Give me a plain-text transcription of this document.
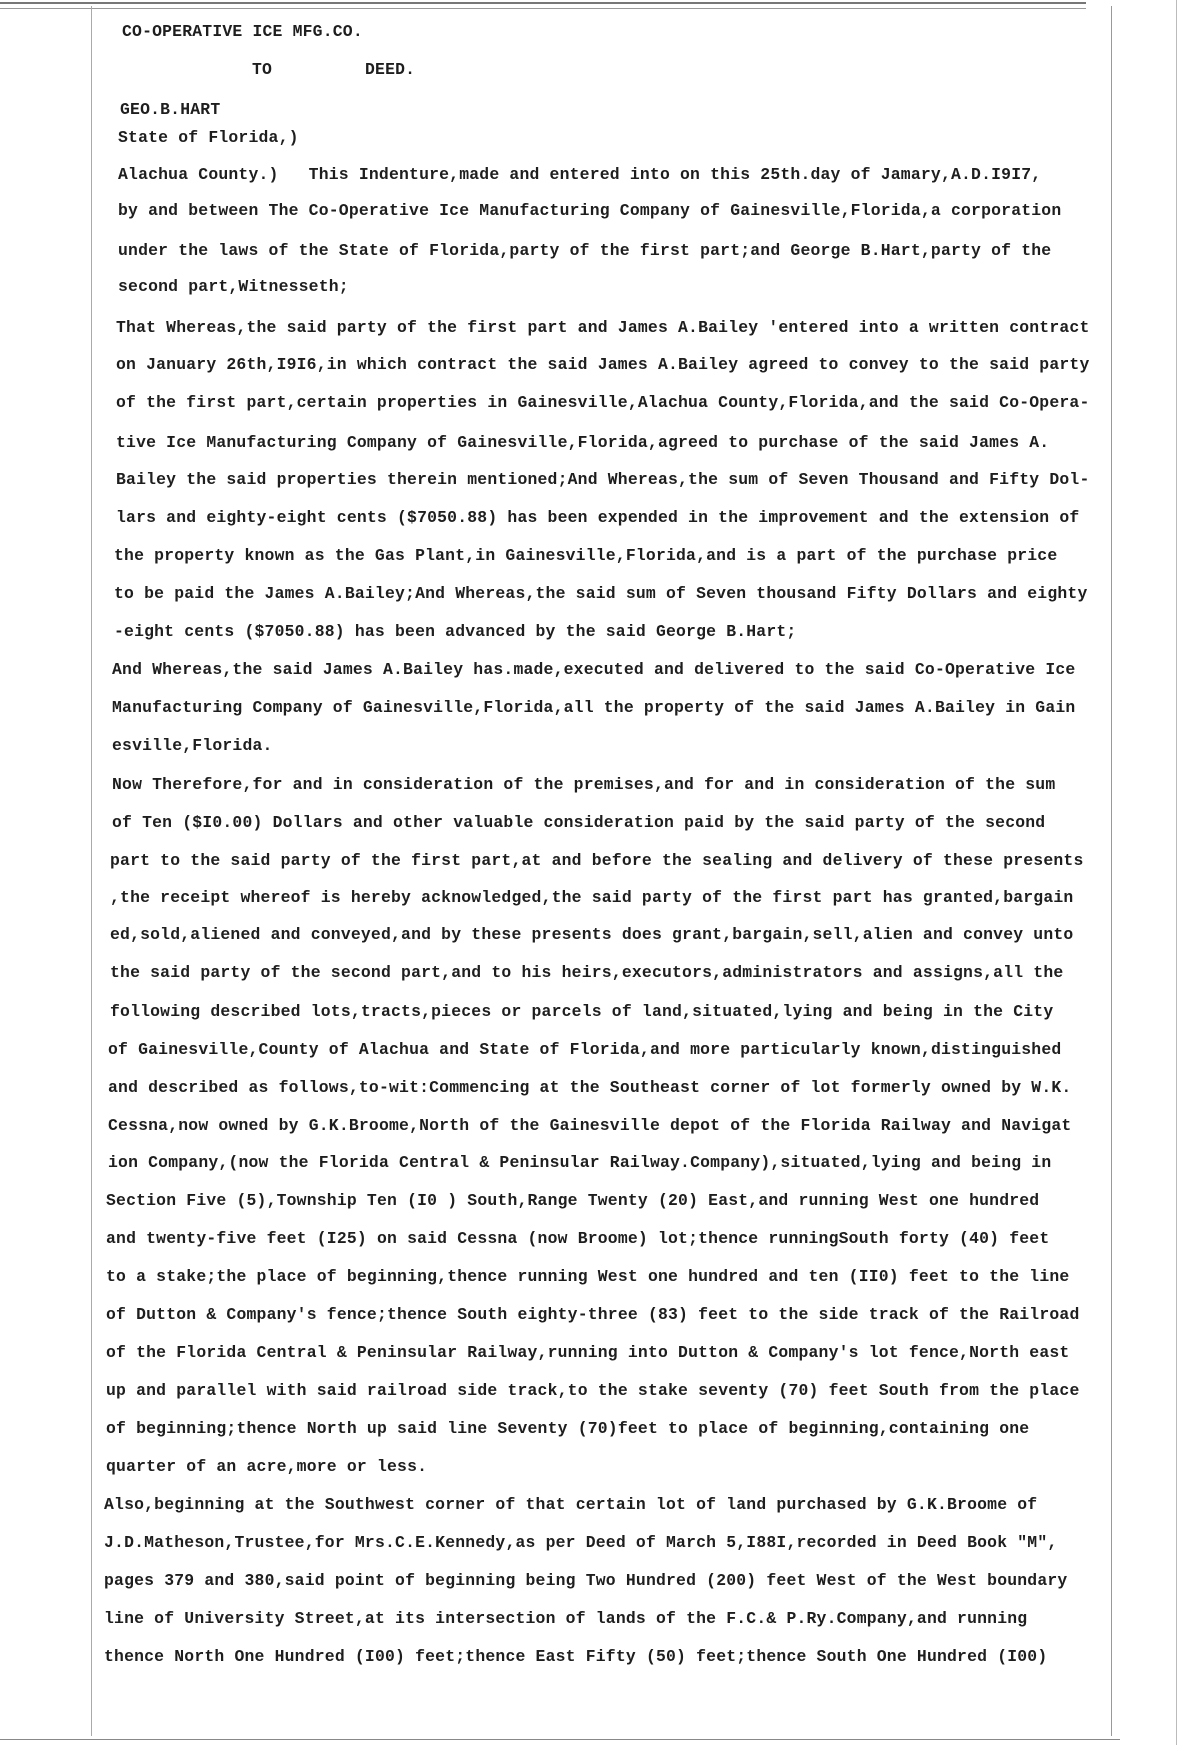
CO-OPERATIVE ICE MFG.CO.
TO	DEED.
GEO.B.HART
State of Florida,)
Alachua County.)   This Indenture,made and entered into on this 25th.day of Jamary,A.D.I9I7,
by and between The Co-Operative Ice Manufacturing Company of Gainesville,Florida,a corporation
under the laws of the State of Florida,party of the first part;and George B.Hart,party of the
second part,Witnesseth;
That Whereas,the said party of the first part and James A.Bailey 'entered into a written contract
on January 26th,I9I6,in which contract the said James A.Bailey agreed to convey to the said party
of the first part,certain properties in Gainesville,Alachua County,Florida,and the said Co-Opera-
tive Ice Manufacturing Company of Gainesville,Florida,agreed to purchase of the said James A.
Bailey the said properties therein mentioned;And Whereas,the sum of Seven Thousand and Fifty Dol-
lars and eighty-eight cents ($7050.88) has been expended in the improvement and the extension of
the property known as the Gas Plant,in Gainesville,Florida,and is a part of the purchase price
to be paid the James A.Bailey;And Whereas,the said sum of Seven thousand Fifty Dollars and eighty
-eight cents ($7050.88) has been advanced by the said George B.Hart;
And Whereas,the said James A.Bailey has.made,executed and delivered to the said Co-Operative Ice
Manufacturing Company of Gainesville,Florida,all the property of the said James A.Bailey in Gain
esville,Florida.
Now Therefore,for and in consideration of the premises,and for and in consideration of the sum
of Ten ($I0.00) Dollars and other valuable consideration paid by the said party of the second
part to the said party of the first part,at and before the sealing and delivery of these presents
,the receipt whereof is hereby acknowledged,the said party of the first part has granted,bargain
ed,sold,aliened and conveyed,and by these presents does grant,bargain,sell,alien and convey unto
the said party of the second part,and to his heirs,executors,administrators and assigns,all the
following described lots,tracts,pieces or parcels of land,situated,lying and being in the City
of Gainesville,County of Alachua and State of Florida,and more particularly known,distinguished
and described as follows,to-wit:Commencing at the Southeast corner of lot formerly owned by W.K.
Cessna,now owned by G.K.Broome,North of the Gainesville depot of the Florida Railway and Navigat
ion Company,(now the Florida Central & Peninsular Railway.Company),situated,lying and being in
Section Five (5),Township Ten (I0 ) South,Range Twenty (20) East,and running West one hundred
and twenty-five feet (I25) on said Cessna (now Broome) lot;thence runningSouth forty (40) feet
to a stake;the place of beginning,thence running West one hundred and ten (II0) feet to the line
of Dutton & Company's fence;thence South eighty-three (83) feet to the side track of the Railroad
of the Florida Central & Peninsular Railway,running into Dutton & Company's lot fence,North east
up and parallel with said railroad side track,to the stake seventy (70) feet South from the place
of beginning;thence North up said line Seventy (70)feet to place of beginning,containing one
quarter of an acre,more or less.
Also,beginning at the Southwest corner of that certain lot of land purchased by G.K.Broome of
J.D.Matheson,Trustee,for Mrs.C.E.Kennedy,as per Deed of March 5,I88I,recorded in Deed Book "M",
pages 379 and 380,said point of beginning being Two Hundred (200) feet West of the West boundary
line of University Street,at its intersection of lands of the F.C.& P.Ry.Company,and running
thence North One Hundred (I00) feet;thence East Fifty (50) feet;thence South One Hundred (I00)
